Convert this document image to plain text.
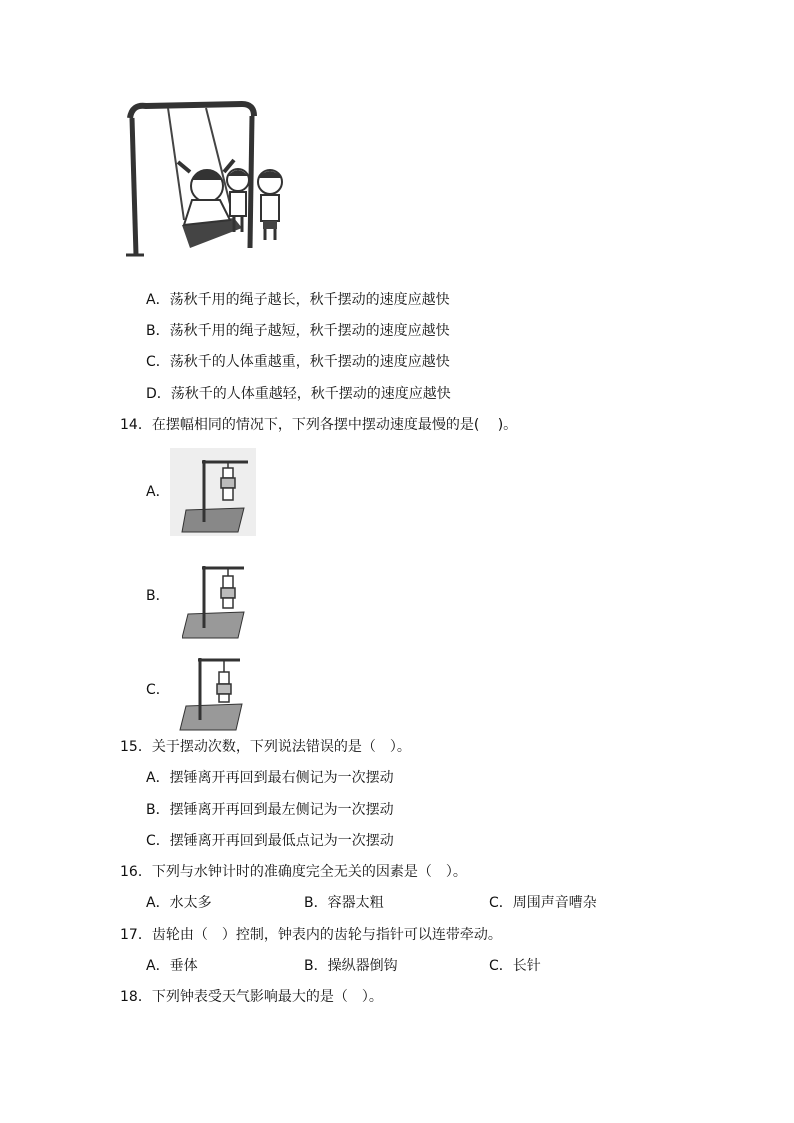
A．荡秋千用的绳子越长，秋千摆动的速度应越快
B．荡秋千用的绳子越短，秋千摆动的速度应越快
C．荡秋千的人体重越重，秋千摆动的速度应越快
D．荡秋千的人体重越轻，秋千摆动的速度应越快
14．在摆幅相同的情况下，下列各摆中摆动速度最慢的是(　 )。
A．
B．
C．
15．关于摆动次数，下列说法错误的是（　）。
A．摆锤离开再回到最右侧记为一次摆动
B．摆锤离开再回到最左侧记为一次摆动
C．摆锤离开再回到最低点记为一次摆动
16．下列与水钟计时的准确度完全无关的因素是（　）。
A．水太多	B．容器太粗	C．周围声音嘈杂
17．齿轮由（　）控制，钟表内的齿轮与指针可以连带牵动。
A．垂体	B．操纵器倒钩	C．长针
18．下列钟表受天气影响最大的是（　）。
